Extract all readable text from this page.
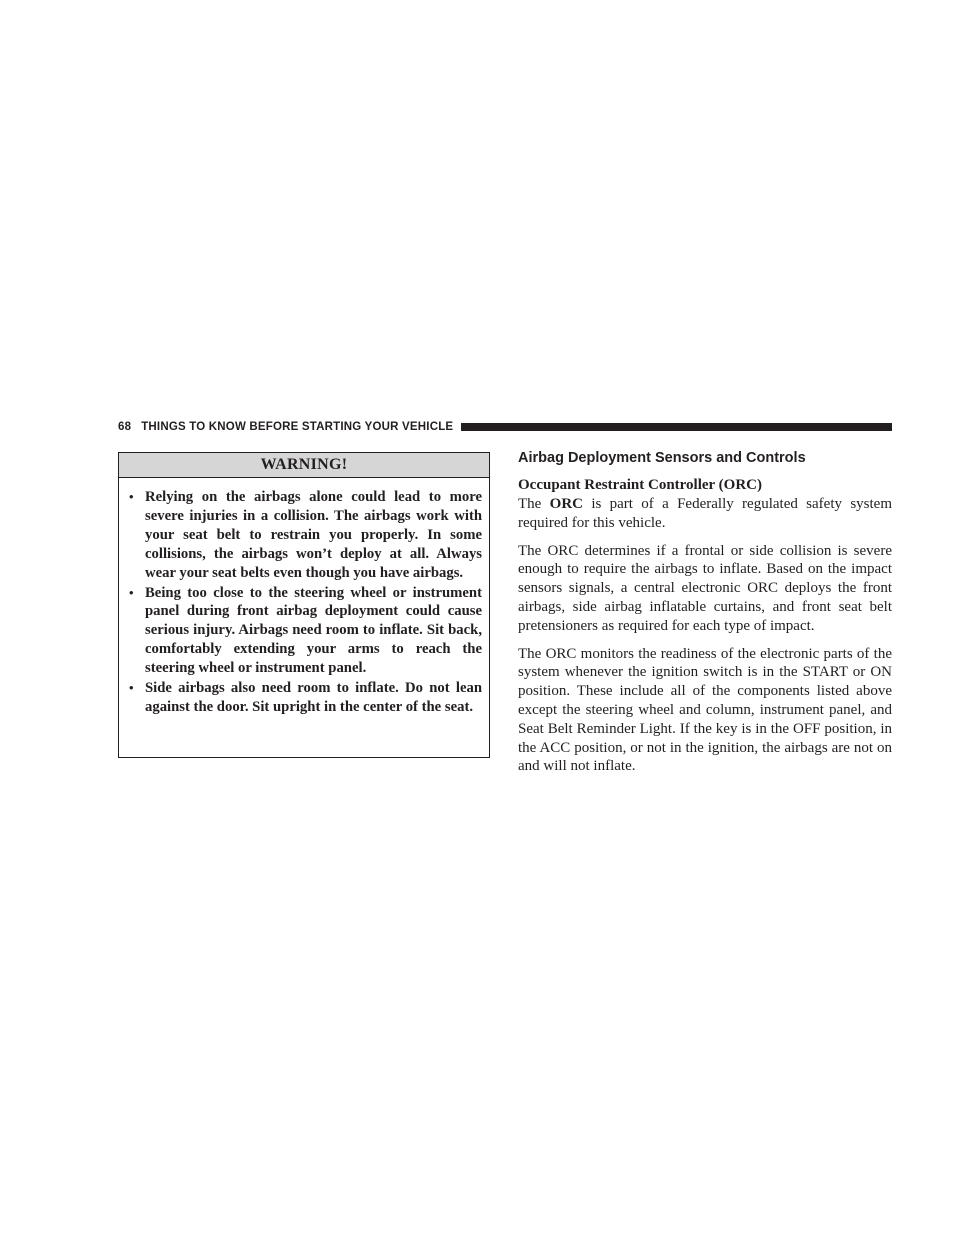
68 THINGS TO KNOW BEFORE STARTING YOUR VEHICLE
WARNING!
• Relying on the airbags alone could lead to more severe injuries in a collision. The airbags work with your seat belt to restrain you properly. In some collisions, the airbags won’t deploy at all. Always wear your seat belts even though you have airbags.
• Being too close to the steering wheel or instrument panel during front airbag deployment could cause serious injury. Airbags need room to inflate. Sit back, comfortably extending your arms to reach the steering wheel or instrument panel.
• Side airbags also need room to inflate. Do not lean against the door. Sit upright in the center of the seat.
Airbag Deployment Sensors and Controls
Occupant Restraint Controller (ORC)

The ORC is part of a Federally regulated safety system required for this vehicle.

The ORC determines if a frontal or side collision is severe enough to require the airbags to inflate. Based on the impact sensors signals, a central electronic ORC deploys the front airbags, side airbag inflatable curtains, and front seat belt pretensioners as required for each type of impact.

The ORC monitors the readiness of the electronic parts of the system whenever the ignition switch is in the START or ON position. These include all of the components listed above except the steering wheel and column, instrument panel, and Seat Belt Reminder Light. If the key is in the OFF position, in the ACC position, or not in the ignition, the airbags are not on and will not inflate.
